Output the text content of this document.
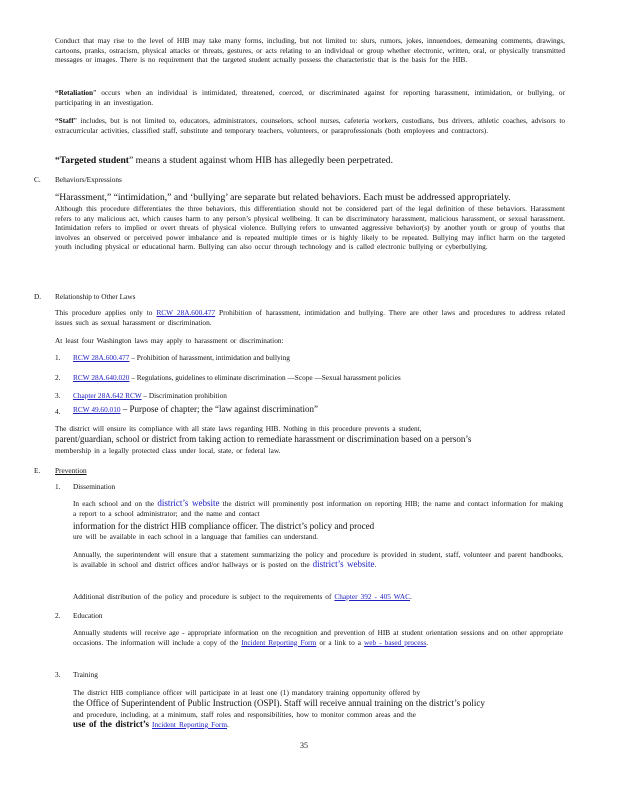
Conduct that may rise to the level of HIB may take many forms, including, but not limited to: slurs, rumors, jokes, innuendoes, demeaning comments, drawings, cartoons, pranks, ostracism, physical attacks or threats, gestures, or acts relating to an individual or group whether electronic, written, oral, or physically transmitted messages or images. There is no requirement that the targeted student actually possess the characteristic that is the basis for the HIB.
“Retaliation” occurs when an individual is intimidated, threatened, coerced, or discriminated against for reporting harassment, intimidation, or bullying, or participating in an investigation.
“Staff” includes, but is not limited to, educators, administrators, counselors, school nurses, cafeteria workers, custodians, bus drivers, athletic coaches, advisors to extracurricular activities, classified staff, substitute and temporary teachers, volunteers, or paraprofessionals (both employees and contractors).
“Targeted student” means a student against whom HIB has allegedly been perpetrated.
C. Behaviors/Expressions
“Harassment,” “intimidation,” and ‘bullying’ are separate but related behaviors. Each must be addressed appropriately.
Although this procedure differentiates the three behaviors, this differentiation should not be considered part of the legal definition of these behaviors. Harassment refers to any malicious act, which causes harm to any person’s physical wellbeing. It can be discriminatory harassment, malicious harassment, or sexual harassment. Intimidation refers to implied or overt threats of physical violence. Bullying refers to unwanted aggressive behavior(s) by another youth or group of youths that involves an observed or perceived power imbalance and is repeated multiple times or is highly likely to be repeated. Bullying may inflict harm on the targeted youth including physical or educational harm. Bullying can also occur through technology and is called electronic bullying or cyberbullying.
D. Relationship to Other Laws
This procedure applies only to RCW 28A.600.477 Prohibition of harassment, intimidation and bullying. There are other laws and procedures to address related issues such as sexual harassment or discrimination.
At least four Washington laws may apply to harassment or discrimination:
1. RCW 28A.600.477 – Prohibition of harassment, intimidation and bullying
2. RCW 28A.640.020 – Regulations, guidelines to eliminate discrimination —Scope —Sexual harassment policies
3. Chapter 28A.642 RCW – Discrimination prohibition
4. RCW 49.60.010 – Purpose of chapter; the “law against discrimination”
The district will ensure its compliance with all state laws regarding HIB. Nothing in this procedure prevents a student,
parent/guardian, school or district from taking action to remediate harassment or discrimination based on a person’s
membership in a legally protected class under local, state, or federal law.
E. Prevention
1. Dissemination
In each school and on the district’s website the district will prominently post information on reporting HIB; the name and contact information for making a report to a school administrator; and the name and contact
information for the district HIB compliance officer. The district’s policy and proced
ure will be available in each school in a language that families can understand.
Annually, the superintendent will ensure that a statement summarizing the policy and procedure is provided in student, staff, volunteer and parent handbooks, is available in school and district offices and/or hallways or is posted on the district’s website.
Additional distribution of the policy and procedure is subject to the requirements of Chapter 392 - 405 WAC.
2. Education
Annually students will receive age - appropriate information on the recognition and prevention of HIB at student orientation sessions and on other appropriate occasions. The information will include a copy of the Incident Reporting Form or a link to a web - based process.
3. Training
The district HIB compliance officer will participate in at least one (1) mandatory training opportunity offered by
the Office of Superintendent of Public Instruction (OSPI). Staff will receive annual training on the district’s policy
and procedure, including, at a minimum, staff roles and responsibilities, how to monitor common areas and the
use of the district’s Incident Reporting Form.
35
